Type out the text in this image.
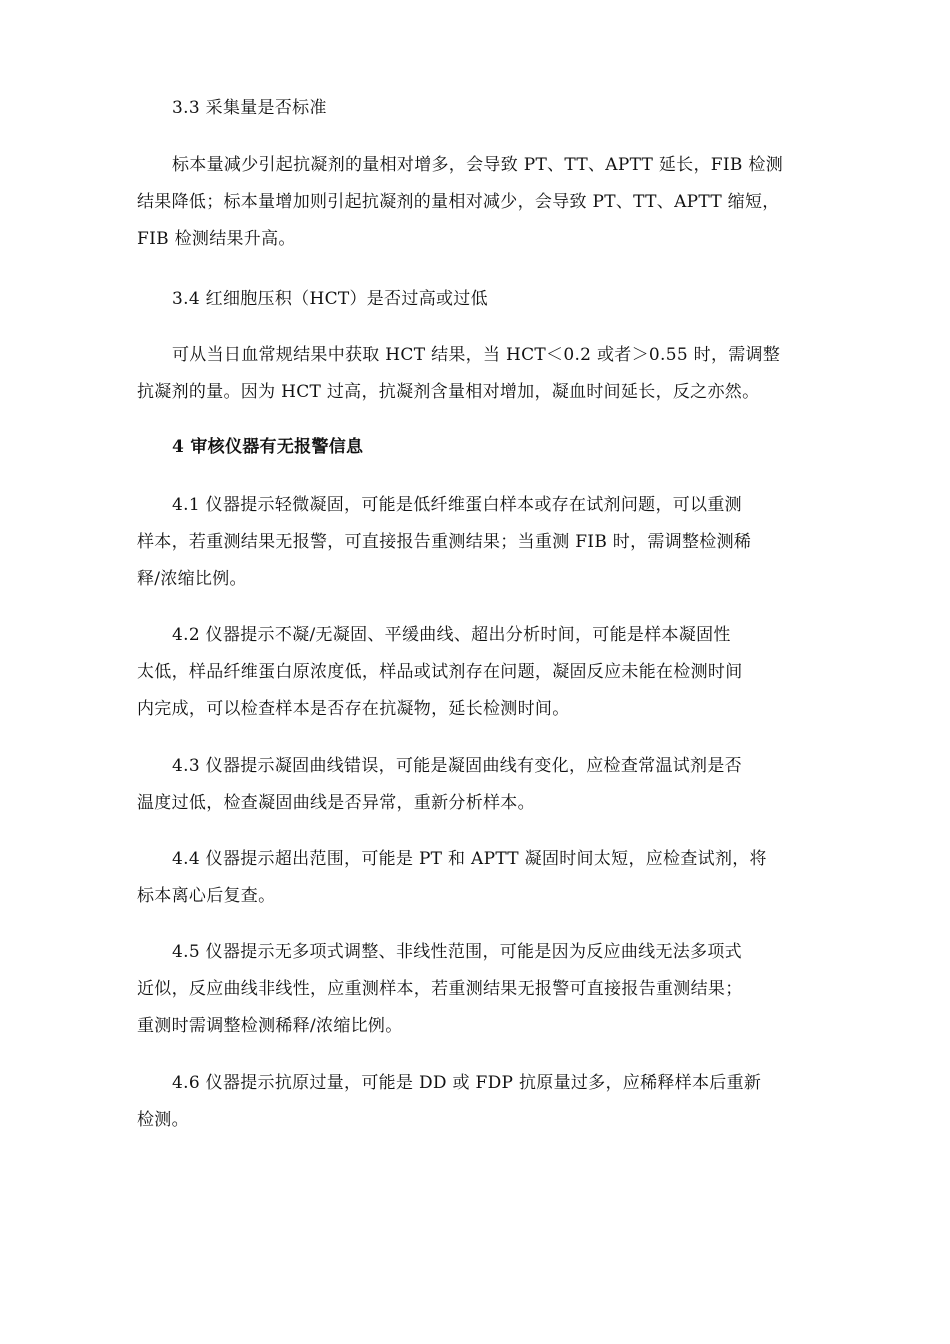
3.3 采集量是否标准
标本量减少引起抗凝剂的量相对增多，会导致 PT、TT、APTT 延长，FIB 检测
结果降低；标本量增加则引起抗凝剂的量相对减少，会导致 PT、TT、APTT 缩短，
FIB 检测结果升高。
3.4 红细胞压积（HCT）是否过高或过低
可从当日血常规结果中获取 HCT 结果，当 HCT＜0.2 或者＞0.55 时，需调整
抗凝剂的量。因为 HCT 过高，抗凝剂含量相对增加，凝血时间延长，反之亦然。
4 审核仪器有无报警信息
4.1 仪器提示轻微凝固，可能是低纤维蛋白样本或存在试剂问题，可以重测
样本，若重测结果无报警，可直接报告重测结果；当重测 FIB 时，需调整检测稀
释/浓缩比例。
4.2 仪器提示不凝/无凝固、平缓曲线、超出分析时间，可能是样本凝固性
太低，样品纤维蛋白原浓度低，样品或试剂存在问题，凝固反应未能在检测时间
内完成，可以检查样本是否存在抗凝物，延长检测时间。
4.3 仪器提示凝固曲线错误，可能是凝固曲线有变化，应检查常温试剂是否
温度过低，检查凝固曲线是否异常，重新分析样本。
4.4 仪器提示超出范围，可能是 PT 和 APTT 凝固时间太短，应检查试剂，将
标本离心后复查。
4.5 仪器提示无多项式调整、非线性范围，可能是因为反应曲线无法多项式
近似，反应曲线非线性，应重测样本，若重测结果无报警可直接报告重测结果；
重测时需调整检测稀释/浓缩比例。
4.6 仪器提示抗原过量，可能是 DD 或 FDP 抗原量过多，应稀释样本后重新
检测。
